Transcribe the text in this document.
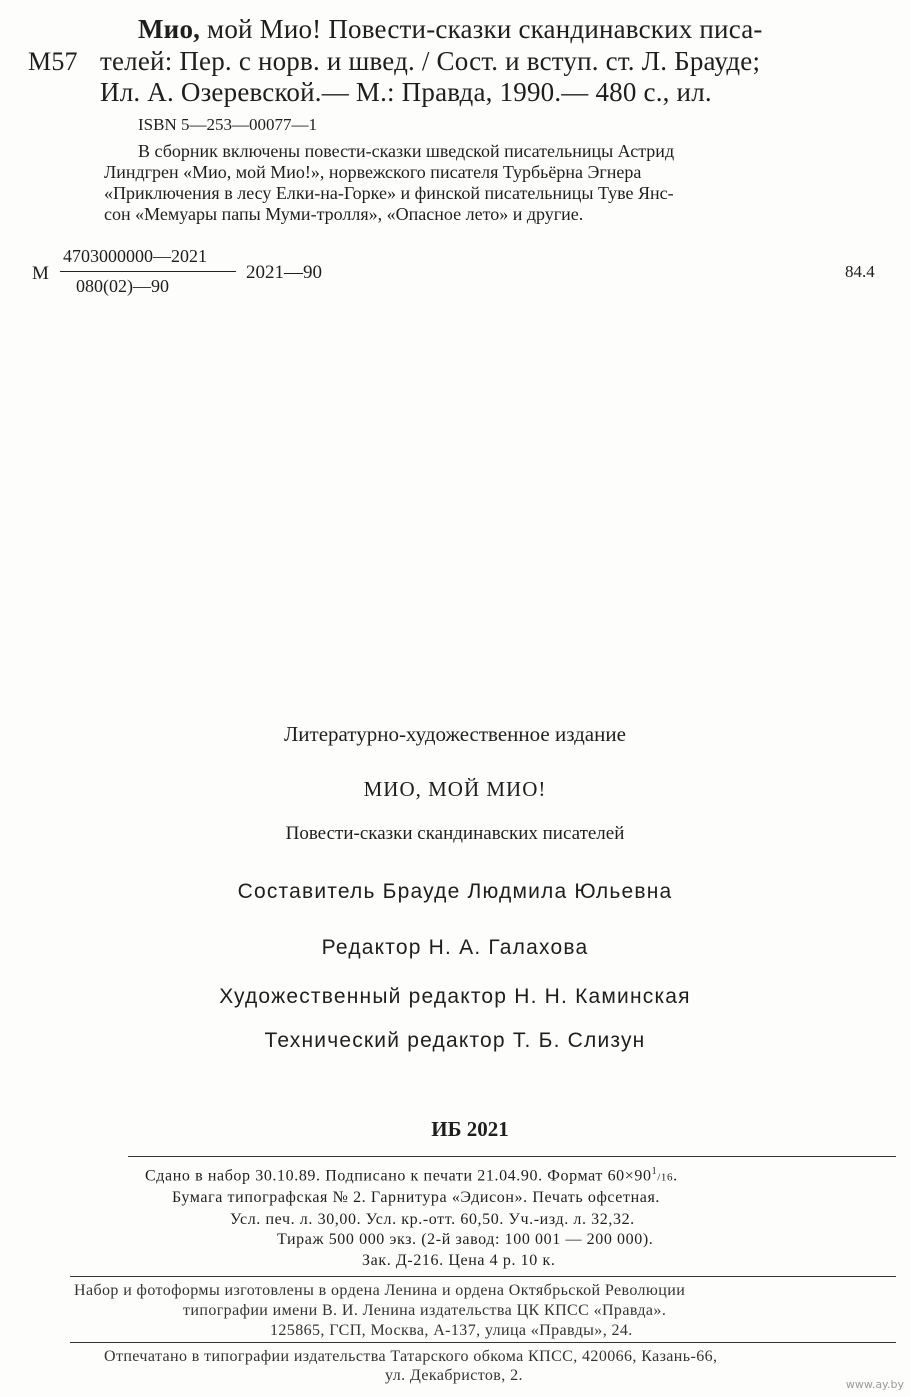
Мио, мой Мио! Повести-сказки скандинавских писа-
М57 телей: Пер. с норв. и швед. / Сост. и вступ. ст. Л. Брауде;
Ил. А. Озеревской.— М.: Правда, 1990.— 480 с., ил.
ISBN 5—253—00077—1
В сборник включены повести-сказки шведской писательницы Астрид
Линдгрен «Мио, мой Мио!», норвежского писателя Турбьёрна Эгнера
«Приключения в лесу Елки-на-Горке» и финской писательницы Туве Янс-
сон «Мемуары папы Муми-тролля», «Опасное лето» и другие.
М
4703000000—2021
080(02)—90
2021—90	84.4
Литературно-художественное издание
МИО, МОЙ МИО!
Повести-сказки скандинавских писателей
Составитель Брауде Людмила Юльевна
Редактор Н. А. Галахова
Художественный редактор Н. Н. Каминская
Технический редактор Т. Б. Слизун
ИБ 2021
Сдано в набор 30.10.89. Подписано к печати 21.04.90. Формат $60\times 90^1/16$.
Бумага типографская № 2. Гарнитура «Эдисон». Печать офсетная.
Усл. печ. л. 30,00. Усл. кр.-отт. 60,50. Уч.-изд. л. 32,32.
Тираж 500 000 экз. (2-й завод: 100 001 — 200 000).
Зак. Д-216. Цена 4 р. 10 к.
Набор и фотоформы изготовлены в ордена Ленина и ордена Октябрьской Революции
типографии имени В. И. Ленина издательства ЦК КПСС «Правда».
125865, ГСП, Москва, А-137, улица «Правды», 24.
Отпечатано в типографии издательства Татарского обкома КПСС, 420066, Казань-66,
ул. Декабристов, 2.
www.ay.by
